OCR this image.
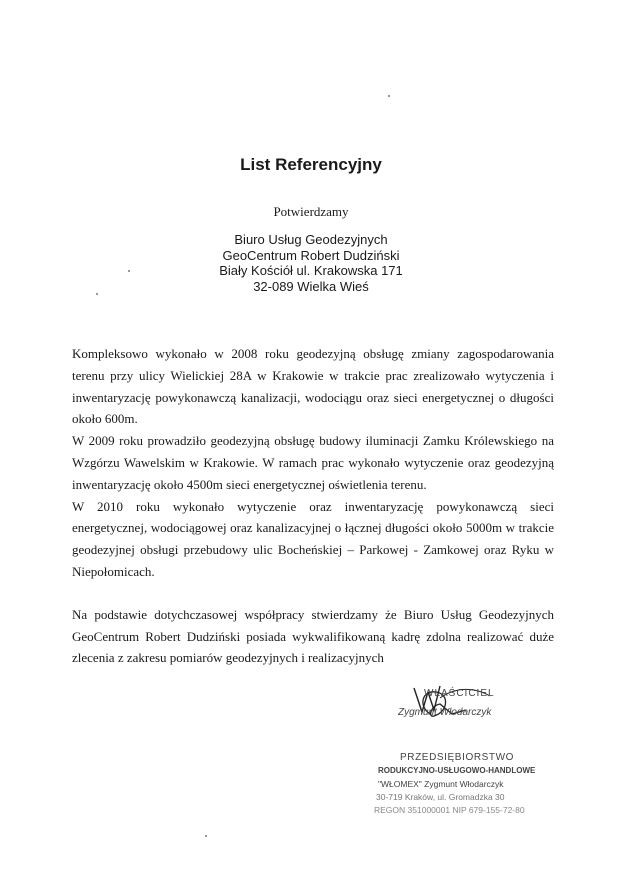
List Referencyjny
Potwierdzamy
Biuro Usług Geodezyjnych
GeoCentrum Robert Dudziński
Biały Kościół ul. Krakowska 171
32-089 Wielka Wieś

Kompleksowo wykonało w 2008 roku geodezyjną obsługę zmiany zagospodarowania terenu przy ulicy Wielickiej 28A w Krakowie w trakcie prac zrealizowało wytyczenia i inwentaryzację powykonawczą kanalizacji, wodociągu oraz sieci energetycznej o długości około 600m.

W 2009 roku prowadziło geodezyjną obsługę budowy iluminacji Zamku Królewskiego na Wzgórzu Wawelskim w Krakowie. W ramach prac wykonało wytyczenie oraz geodezyjną inwentaryzację około 4500m sieci energetycznej oświetlenia terenu.

W 2010 roku wykonało wytyczenie oraz inwentaryzację powykonawczą sieci energetycznej, wodociągowej oraz kanalizacyjnej o łącznej długości około 5000m w trakcie geodezyjnej obsługi przebudowy ulic Bocheńskiej – Parkowej - Zamkowej oraz Ryku w Niepołomicach.

Na podstawie dotychczasowej współpracy stwierdzamy że Biuro Usług Geodezyjnych GeoCentrum Robert Dudziński posiada wykwalifikowaną kadrę zdolna realizować duże zlecenia z zakresu pomiarów geodezyjnych i realizacyjnych

WŁAŚCICIEL
Zygmunt Włodarczyk
PRZEDSIĘBIORSTWO
RODUKCYJNO-USŁUGOWO-HANDLOWE
"WŁOMEX" Zygmunt Włodarczyk
30-719 Kraków, ul. Gromadzka 30
REGON 351000001 NIP 679-155-72-80
